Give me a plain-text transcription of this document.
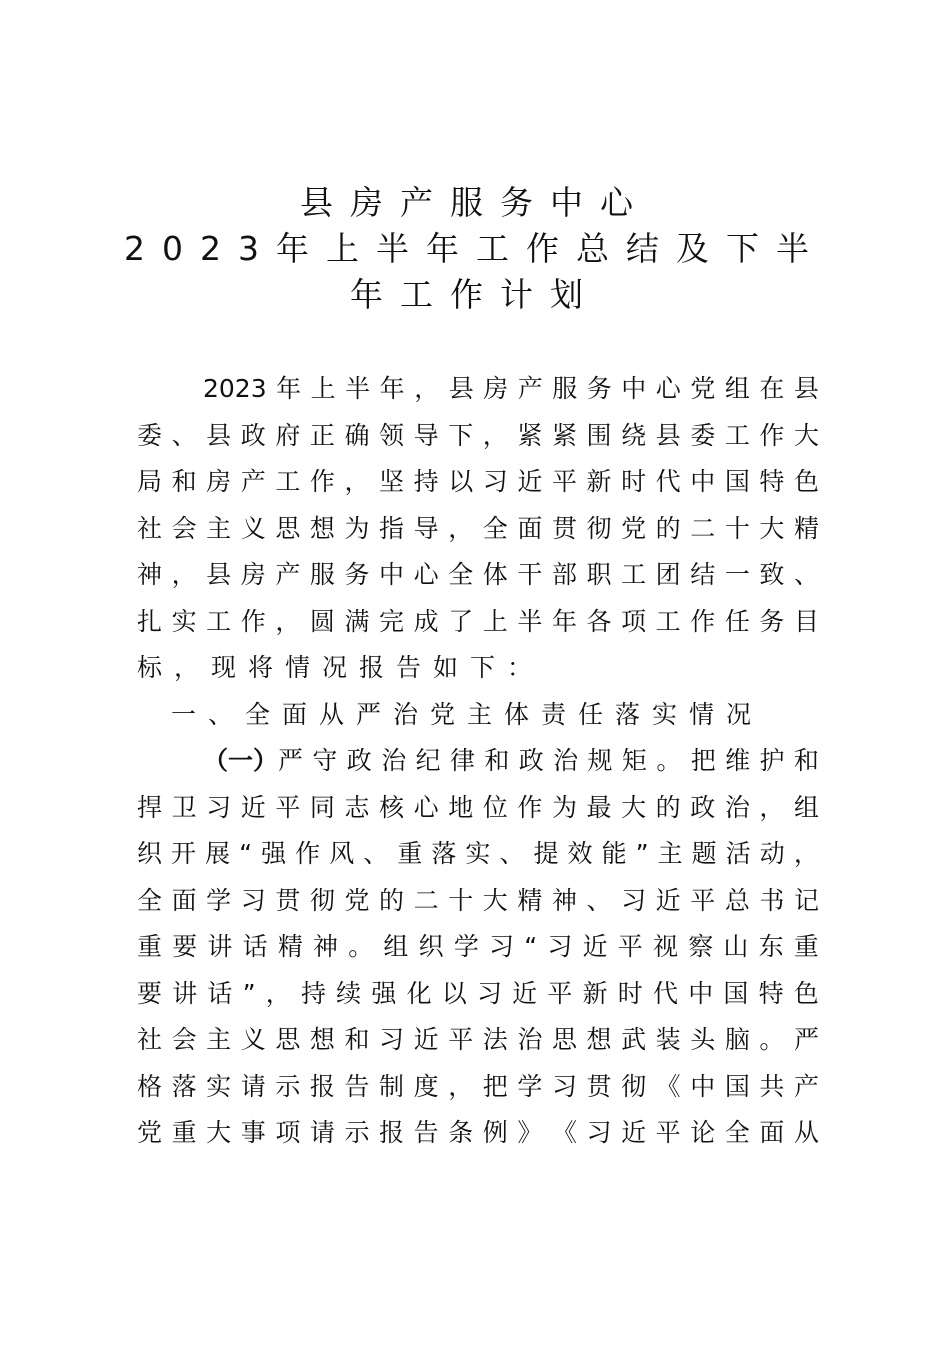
县房产服务中心
2023年上半年工作总结及下半
年工作计划
2023 年 上 半 年 ， 县 房 产 服 务 中 心 党 组 在 县
委 、 县 政 府 正 确 领 导 下 ， 紧 紧 围 绕 县 委 工 作 大
局 和 房 产 工 作 ， 坚 持 以 习 近 平 新 时 代 中 国 特 色
社 会 主 义 思 想 为 指 导 ， 全 面 贯 彻 党 的 二 十 大 精
神 ， 县 房 产 服 务 中 心 全 体 干 部 职 工 团 结 一 致 、
扎 实 工 作 ， 圆 满 完 成 了 上 半 年 各 项 工 作 任 务 目
标，现将情况报告如下：
一、全面从严治党主体责任落实情况
（一） 严 守 政 治 纪 律 和 政 治 规 矩 。 把 维 护 和
捍 卫 习 近 平 同 志 核 心 地 位 作 为 最 大 的 政 治 ， 组
织 开 展 “ 强 作 风 、 重 落 实 、 提 效 能 ” 主 题 活 动 ，
全 面 学 习 贯 彻 党 的 二 十 大 精 神 、 习 近 平 总 书 记
重 要 讲 话 精 神 。 组 织 学 习 “ 习 近 平 视 察 山 东 重
要 讲 话 ” ， 持 续 强 化 以 习 近 平 新 时 代 中 国 特 色
社 会 主 义 思 想 和 习 近 平 法 治 思 想 武 装 头 脑 。 严
格 落 实 请 示 报 告 制 度 ， 把 学 习 贯 彻 《 中 国 共 产
党 重 大 事 项 请 示 报 告 条 例 》 《 习 近 平 论 全 面 从
